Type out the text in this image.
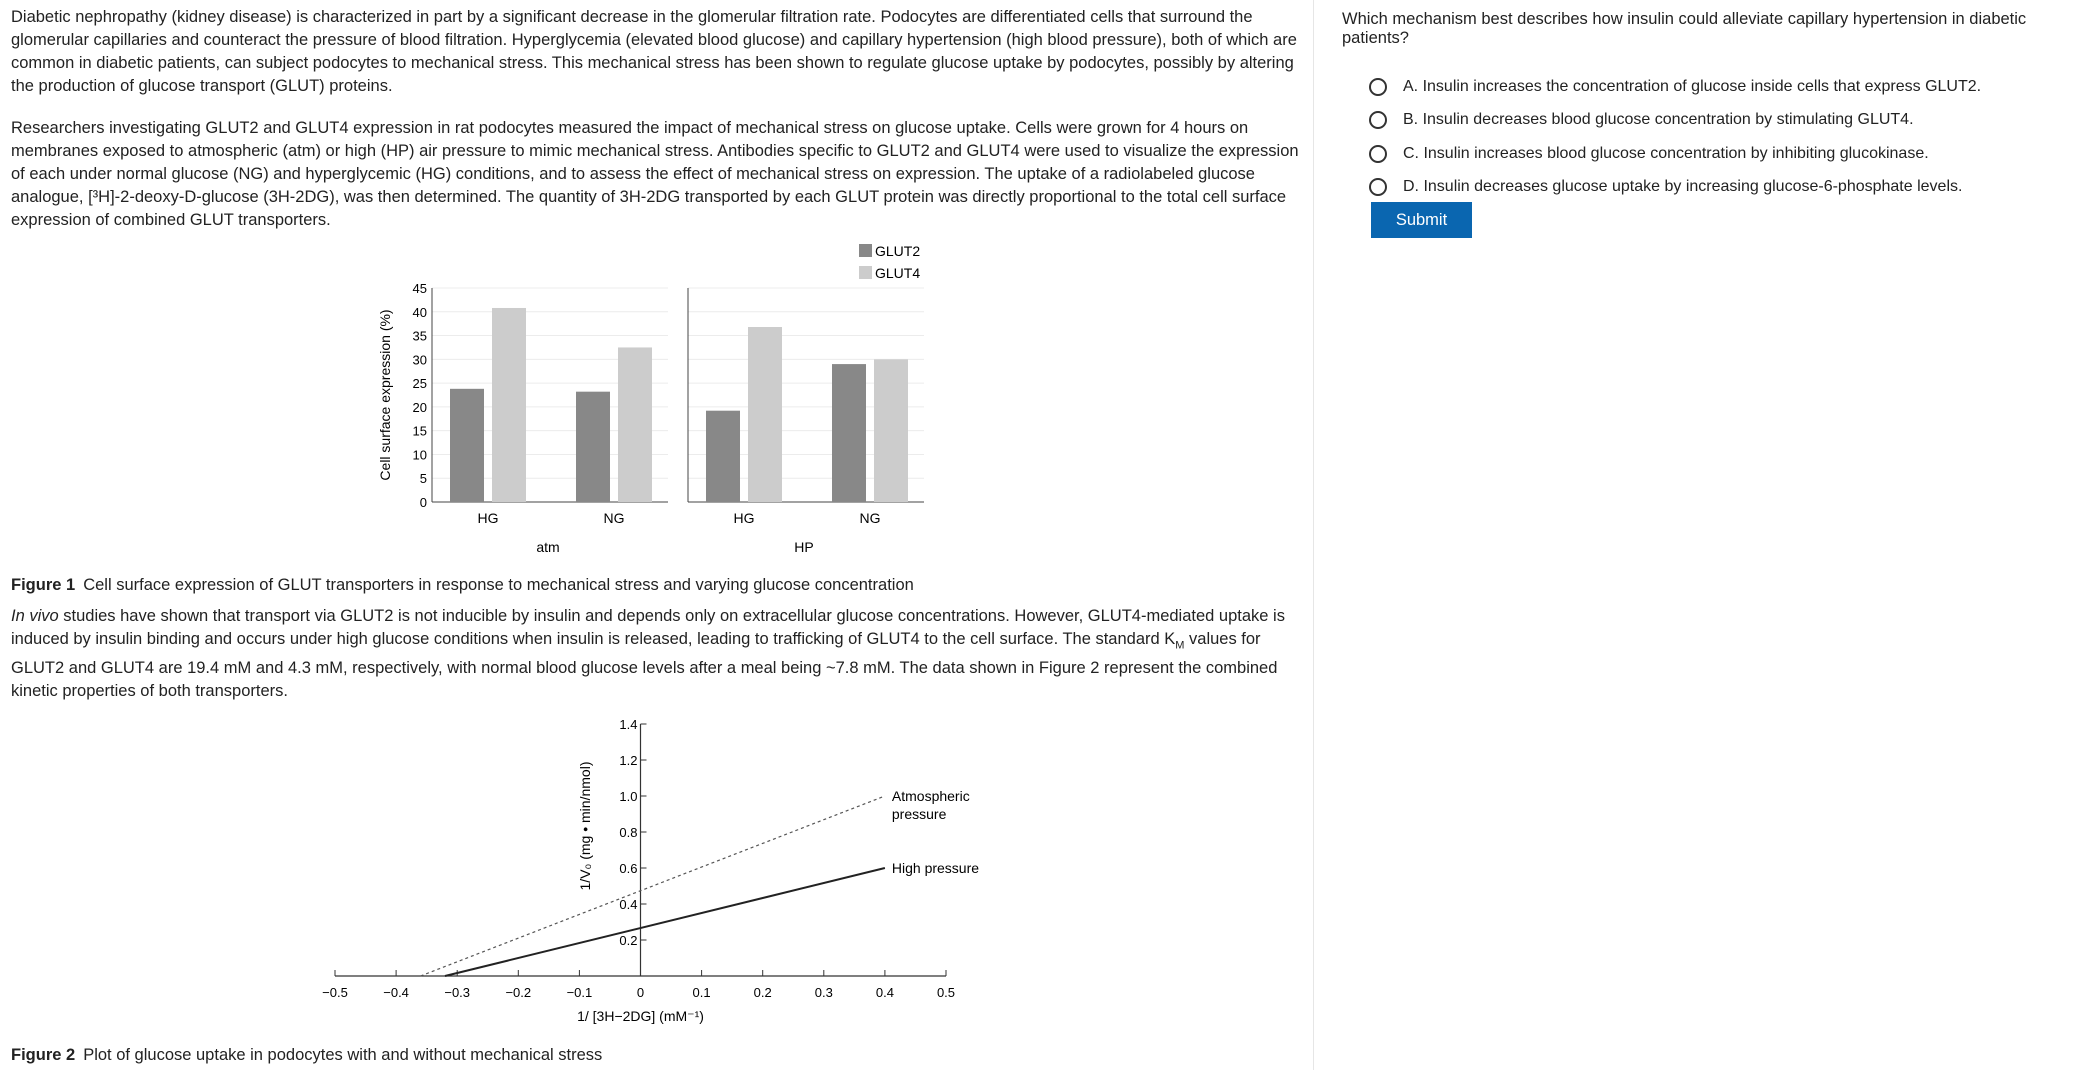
Diabetic nephropathy (kidney disease) is characterized in part by a significant decrease in the glomerular filtration rate. Podocytes are differentiated cells that surround the glomerular capillaries and counteract the pressure of blood filtration. Hyperglycemia (elevated blood glucose) and capillary hypertension (high blood pressure), both of which are common in diabetic patients, can subject podocytes to mechanical stress. This mechanical stress has been shown to regulate glucose uptake by podocytes, possibly by altering the production of glucose transport (GLUT) proteins.

Researchers investigating GLUT2 and GLUT4 expression in rat podocytes measured the impact of mechanical stress on glucose uptake. Cells were grown for 4 hours on membranes exposed to atmospheric (atm) or high (HP) air pressure to mimic mechanical stress. Antibodies specific to GLUT2 and GLUT4 were used to visualize the expression of each under normal glucose (NG) and hyperglycemic (HG) conditions, and to assess the effect of mechanical stress on expression. The uptake of a radiolabeled glucose analogue, [³H]-2-deoxy-D-glucose (3H-2DG), was then determined. The quantity of 3H-2DG transported by each GLUT protein was directly proportional to the total cell surface expression of combined GLUT transporters.

Cell surface expression (%)
0
5
10
15
20
25
30
35
40
45
HG	NG
atm
HG	NG
HP
GLUT2
GLUT4
Figure 1 Cell surface expression of GLUT transporters in response to mechanical stress and varying glucose concentration

In vivo studies have shown that transport via GLUT2 is not inducible by insulin and depends only on extracellular glucose concentrations. However, GLUT4-mediated uptake is induced by insulin binding and occurs under high glucose conditions when insulin is released, leading to trafficking of GLUT4 to the cell surface. The standard $K_M$ values for GLUT2 and GLUT4 are 19.4 mM and 4.3 mM, respectively, with normal blood glucose levels after a meal being ~7.8 mM. The data shown in Figure 2 represent the combined kinetic properties of both transporters.

−0.5	−0.4	−0.3	−0.2	−0.1	0	0.1	0.2	0.3	0.4	0.5
0.2
0.4
0.6
0.8
1.0
1.2
1.4
1/ [3H−2DG] (mM⁻¹)
1/V₀ (mg • min/nmol)	Atmospheric
pressure
High pressure
Figure 2 Plot of glucose uptake in podocytes with and without mechanical stress
Which mechanism best describes how insulin could alleviate capillary hypertension in diabetic patients?
A.
Insulin increases the concentration of glucose inside cells that express GLUT2.
B.
Insulin decreases blood glucose concentration by stimulating GLUT4.
C.
Insulin increases blood glucose concentration by inhibiting glucokinase.
D.
Insulin decreases glucose uptake by increasing glucose-6-phosphate levels.
Submit
